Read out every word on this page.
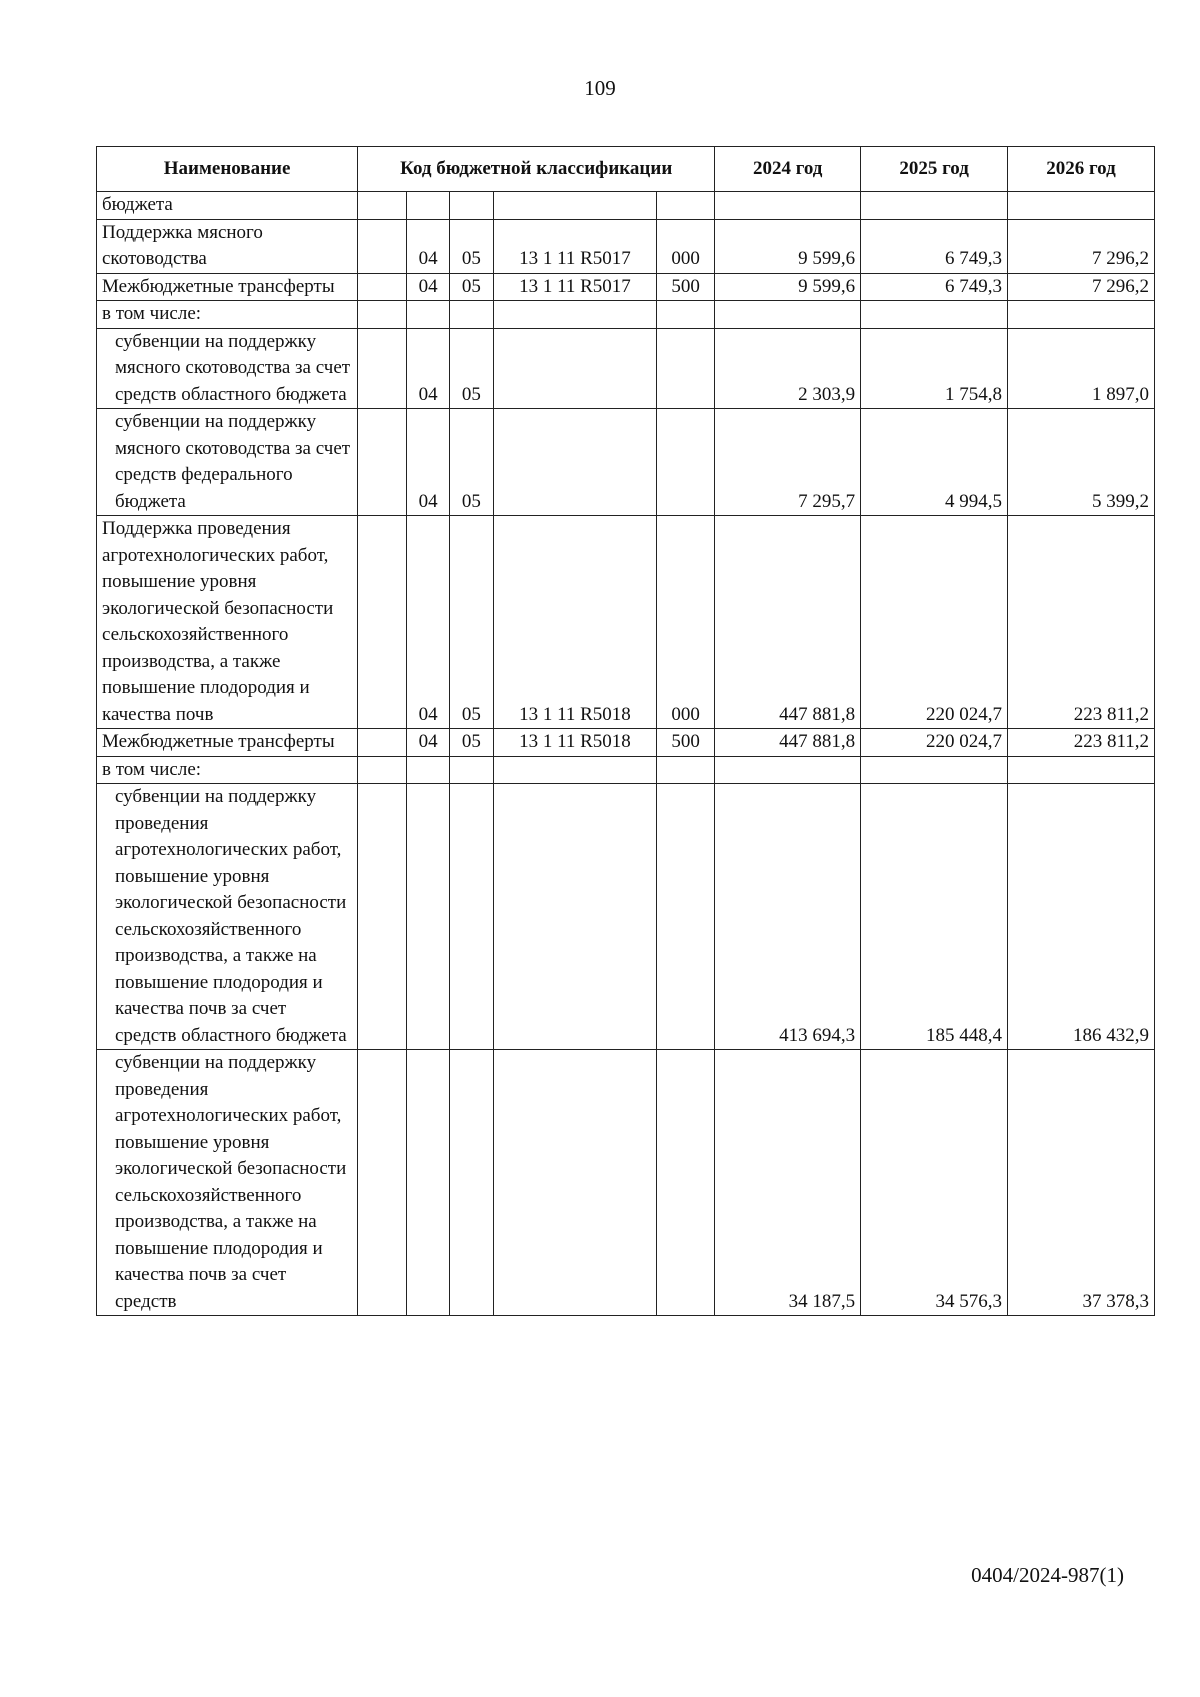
109
Наименование	Код бюджетной классификации					2024 год	2025 год	2026 год
бюджета								
Поддержка мясного скотоводства		04	05	13 1 11 R5017	000	9 599,6	6 749,3	7 296,2
Межбюджетные трансферты		04	05	13 1 11 R5017	500	9 599,6	6 749,3	7 296,2
в том числе:								
субвенции на поддержку мясного скотоводства за счет средств областного бюджета		04	05			2 303,9	1 754,8	1 897,0
субвенции на поддержку мясного скотоводства за счет средств федерального бюджета		04	05			7 295,7	4 994,5	5 399,2
Поддержка проведения агротехнологических работ, повышение уровня экологической безопасности сельскохозяйственного производства, а также повышение плодородия и качества почв		04	05	13 1 11 R5018	000	447 881,8	220 024,7	223 811,2
Межбюджетные трансферты		04	05	13 1 11 R5018	500	447 881,8	220 024,7	223 811,2
в том числе:								
субвенции на поддержку проведения агротехнологических работ, повышение уровня экологической безопасности сельскохозяйственного производства, а также на повышение плодородия и качества почв за счет средств областного бюджета						413 694,3	185 448,4	186 432,9
субвенции на поддержку проведения агротехнологических работ, повышение уровня экологической безопасности сельскохозяйственного производства, а также на повышение плодородия и качества почв за счет средств						34 187,5	34 576,3	37 378,3
0404/2024-987(1)
